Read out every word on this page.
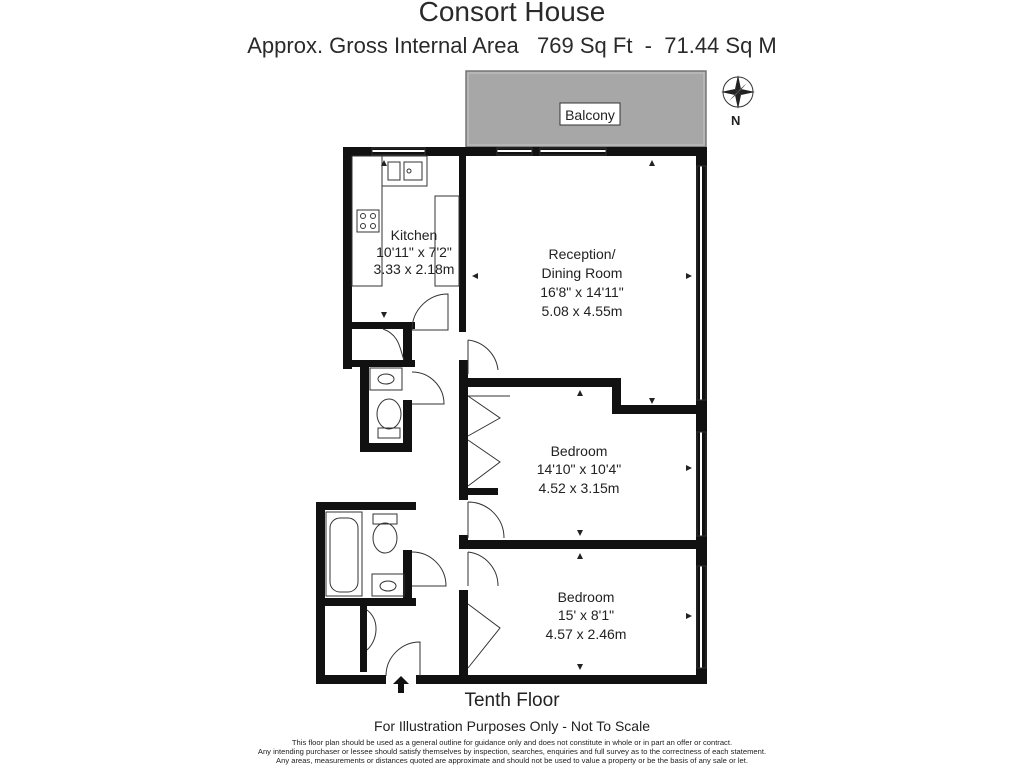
Consort House
Approx. Gross Internal Area 769 Sq Ft - 71.44 Sq M
Balcony	N
Kitchen
10'11" x 7'2"
3.33 x 2.18m
Reception/
Dining Room
16'8" x 14'11"
5.08 x 4.55m
Bedroom
14'10" x 10'4"
4.52 x 3.15m
Bedroom
15' x 8'1"
4.57 x 2.46m
Tenth Floor
For Illustration Purposes Only - Not To Scale
This floor plan should be used as a general outline for guidance only and does not constitute in whole or in part an offer or contract.
Any intending purchaser or lessee should satisfy themselves by inspection, searches, enquiries and full survey as to the correctness of each statement.
Any areas, measurements or distances quoted are approximate and should not be used to value a property or be the basis of any sale or let.
